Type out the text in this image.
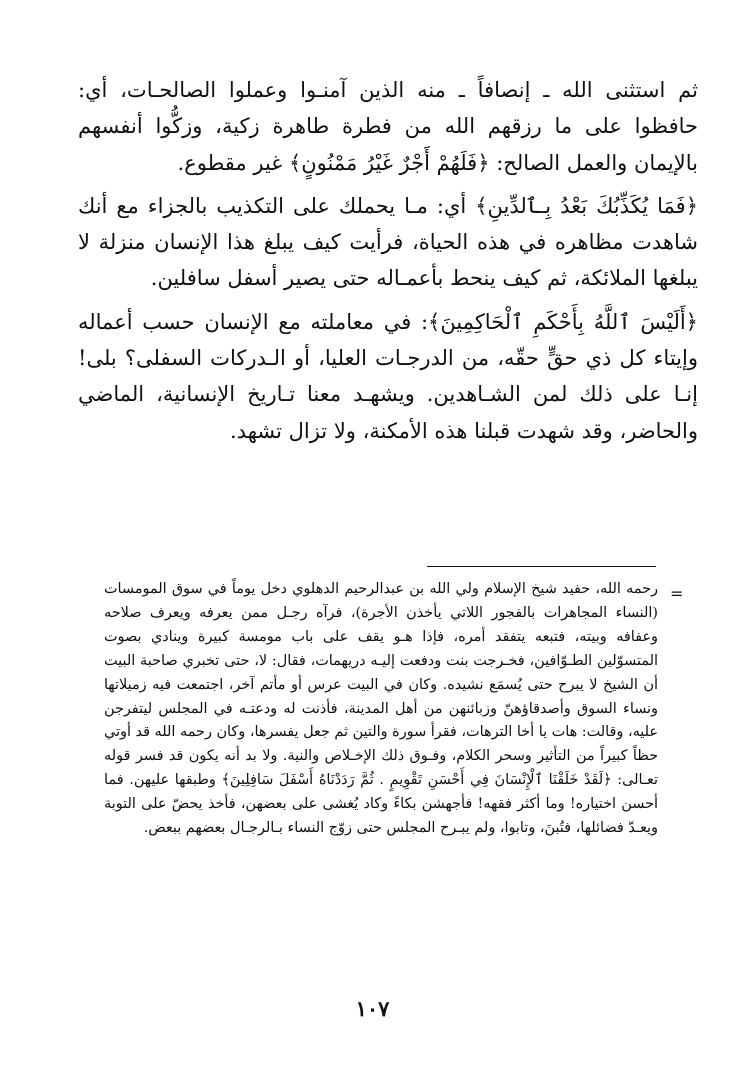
ثم استثنى الله ـ إنصافاً ـ منه الذين آمنـوا وعملوا الصالحـات، أي: حافظوا على ما رزقهم الله من فطرة طاهرة زكية، وزكُّوا أنفسهم بالإيمان والعمل الصالح: ﴿فَلَهُمْ أَجْرٌ غَيْرُ مَمْنُونٍ﴾ غير مقطوع.

﴿فَمَا يُكَذِّبُكَ بَعْدُ بِـٱلدِّينِ﴾ أي: مـا يحملك على التكذيب بالجزاء مع أنك شاهدت مظاهره في هذه الحياة، فرأيت كيف يبلغ هذا الإنسان منزلة لا يبلغها الملائكة، ثم كيف ينحط بأعمـاله حتى يصير أسفل سافلين.

﴿أَلَيْسَ ٱللَّهُ بِأَحْكَمِ ٱلْحَاكِمِينَ﴾: في معاملته مع الإنسان حسب أعماله وإيتاء كل ذي حقٍّ حقّه، من الدرجـات العليا، أو الـدركات السفلى؟ بلى! إنـا على ذلك لمن الشـاهدين. ويشهـد معنا تـاريخ الإنسانية، الماضي والحاضر، وقد شهدت قبلنا هذه الأمكنة، ولا تزال تشهد.

=

رحمه الله، حفيد شيخ الإسلام ولي الله بن عبدالرحيم الدهلوي دخل يوماً في سوق المومسات (النساء المجاهرات بالفجور اللاتي يأخذن الأجرة)، فرآه رجـل ممن يعرفه ويعرف صلاحه وعفافه وبيته، فتبعه يتفقد أمره، فإذا هـو يقف على باب مومسة كبيرة وينادي بصوت المتسوّلين الطـوّافين، فخـرجت بنت ودفعت إليـه دريهمات، فقال: لا، حتى تخبري صاحبة البيت أن الشيخ لا يبرح حتى يُسمَع نشيده. وكان في البيت عرس أو مأتم آخر، اجتمعت فيه زميلاتها ونساء السوق وأصدقاؤهنّ وزبائنهن من أهل المدينة، فأذنت له ودعتـه في المجلس ليتفرجن عليه، وقالت: هات يا أخا الترهات، فقرأ سورة والتين ثم جعل يفسرها، وكان رحمه الله قد أوتي حظاً كبيراً من التأثير وسحر الكلام، وفـوق ذلك الإخـلاص والنية. ولا بد أنه يكون قد فسر قوله تعـالى: ﴿لَقَدْ خَلَقْنَا ٱلْإِنْسَانَ فِي أَحْسَنِ تَقْوِيمٍ . ثُمَّ رَدَدْنَاهُ أَسْفَلَ سَافِلِينَ﴾ وطبقها عليهن. فما أحسن اختياره! وما أكثر فقهه! فأجهشن بكاءً وكاد يُغشى على بعضهن، فأخذ يحضّ على التوبة ويعـدّ فضائلها، فتُبنَ، وتابوا، ولم يبـرح المجلس حتى زوّج النساء بـالرجـال بعضهم ببعض.

١٠٧
